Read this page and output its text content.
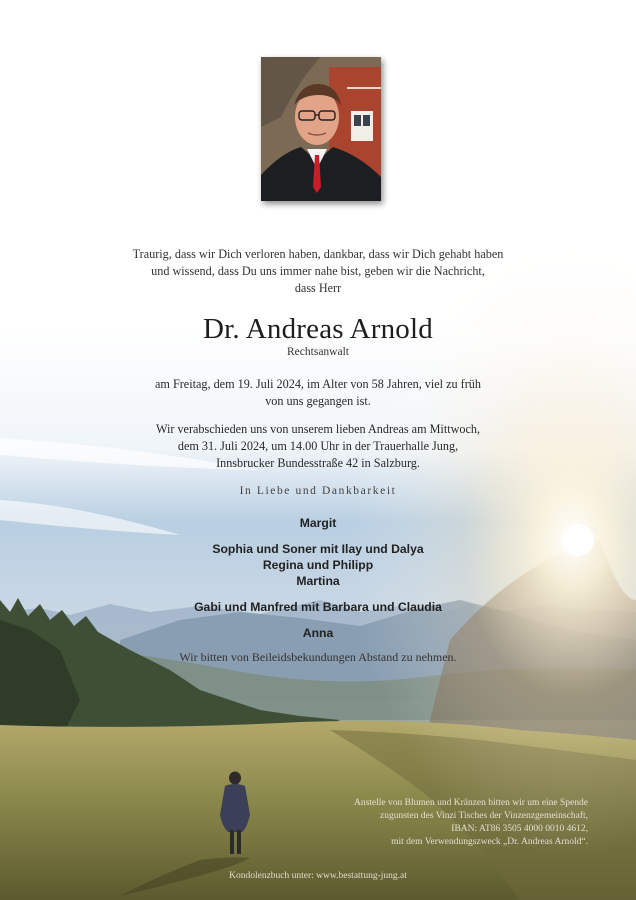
Traurig, dass wir Dich verloren haben, dankbar, dass wir Dich gehabt haben
und wissend, dass Du uns immer nahe bist, geben wir die Nachricht,
dass Herr
Dr. Andreas Arnold
Rechtsanwalt
am Freitag, dem 19. Juli 2024, im Alter von 58 Jahren, viel zu früh
von uns gegangen ist.
Wir verabschieden uns von unserem lieben Andreas am Mittwoch,
dem 31. Juli 2024, um 14.00 Uhr in der Trauerhalle Jung,
Innsbrucker Bundesstraße 42 in Salzburg.
In Liebe und Dankbarkeit
Margit
Sophia und Soner mit Ilay und Dalya
Regina und Philipp
Martina
Gabi und Manfred mit Barbara und Claudia
Anna
Wir bitten von Beileidsbekundungen Abstand zu nehmen.
Anstelle von Blumen und Kränzen bitten wir um eine Spende
zugunsten des Vinzi Tisches der Vinzenzgemeinschaft,
IBAN: AT86 3505 4000 0010 4612,
mit dem Verwendungszweck „Dr. Andreas Arnold“.
Kondolenzbuch unter: www.bestattung-jung.at
